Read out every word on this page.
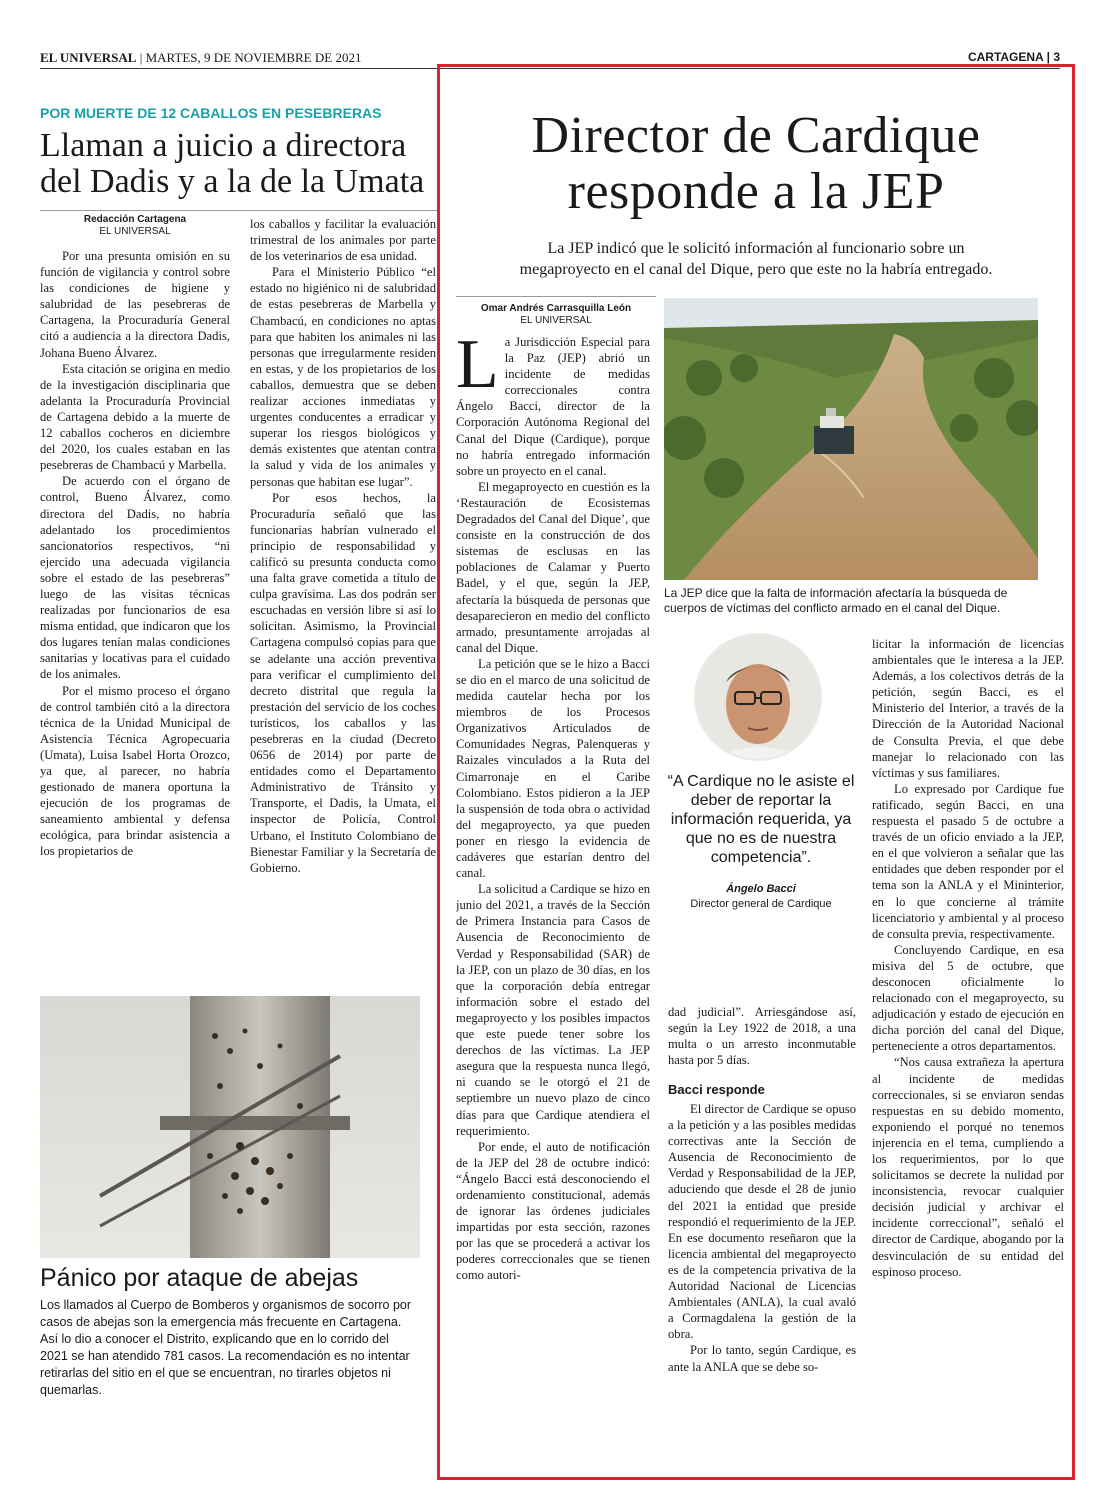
EL UNIVERSAL | MARTES, 9 DE NOVIEMBRE DE 2021	CARTAGENA | 3
POR MUERTE DE 12 CABALLOS EN PESEBRERAS
Llaman a juicio a directora
del Dadis y a la de la Umata
Redacción Cartagena
EL UNIVERSAL

Por una presunta omisión en su función de vigilancia y control sobre las condiciones de higiene y salubridad de las pesebreras de Cartagena, la Procuraduría General citó a audiencia a la directora Dadis, Johana Bueno Álvarez.

Esta citación se origina en medio de la investigación disciplinaria que adelanta la Procuraduría Provincial de Cartagena debido a la muerte de 12 caballos cocheros en diciembre del 2020, los cuales estaban en las pesebreras de Chambacú y Marbella.

De acuerdo con el órgano de control, Bueno Álvarez, como directora del Dadis, no habría adelantado los procedimientos sancionatorios respectivos, “ni ejercido una adecuada vigilancia sobre el estado de las pesebreras” luego de las visitas técnicas realizadas por funcionarios de esa misma entidad, que indicaron que los dos lugares tenían malas condiciones sanitarias y locativas para el cuidado de los animales.

Por el mismo proceso el órgano de control también citó a la directora técnica de la Unidad Municipal de Asistencia Técnica Agropecuaria (Umata), Luisa Isabel Horta Orozco, ya que, al parecer, no habría gestionado de manera oportuna la ejecución de los programas de saneamiento ambiental y defensa ecológica, para brindar asistencia a los propietarios de

los caballos y facilitar la evaluación trimestral de los animales por parte de los veterinarios de esa unidad.

Para el Ministerio Público “el estado no higiénico ni de salubridad de estas pesebreras de Marbella y Chambacú, en condiciones no aptas para que habiten los animales ni las personas que irregularmente residen en estas, y de los propietarios de los caballos, demuestra que se deben realizar acciones inmediatas y urgentes conducentes a erradicar y superar los riesgos biológicos y demás existentes que atentan contra la salud y vida de los animales y personas que habitan ese lugar”.

Por esos hechos, la Procuraduría señaló que las funcionarias habrían vulnerado el principio de responsabilidad y calificó su presunta conducta como una falta grave cometida a título de culpa gravísima. Las dos podrán ser escuchadas en versión libre si así lo solicitan. Asimismo, la Provincial Cartagena compulsó copias para que se adelante una acción preventiva para verificar el cumplimiento del decreto distrital que regula la prestación del servicio de los coches turísticos, los caballos y las pesebreras en la ciudad (Decreto 0656 de 2014) por parte de entidades como el Departamento Administrativo de Tránsito y Transporte, el Dadis, la Umata, el inspector de Policía, Control Urbano, el Instituto Colombiano de Bienestar Familiar y la Secretaría de Gobierno.

Pánico por ataque de abejas
Los llamados al Cuerpo de Bomberos y organismos de socorro por casos de abejas son la emergencia más frecuente en Cartagena. Así lo dio a conocer el Distrito, explicando que en lo corrido del 2021 se han atendido 781 casos. La recomendación es no intentar retirarlas del sitio en el que se encuentran, no tirarles objetos ni quemarlas.
Director de Cardique
responde a la JEP
La JEP indicó que le solicitó información al funcionario sobre un
megaproyecto en el canal del Dique, pero que este no la habría entregado.
Omar Andrés Carrasquilla León
EL UNIVERSAL
La JEP dice que la falta de información afectaría la búsqueda de
cuerpos de víctimas del conflicto armado en el canal del Dique.
L a Jurisdicción Especial para la Paz (JEP) abrió un incidente de medidas correccionales contra Ángelo Bacci, director de la Corporación Autónoma Regional del Canal del Dique (Cardique), porque no habría entregado información sobre un proyecto en el canal.

El megaproyecto en cuestión es la ‘Restauración de Ecosistemas Degradados del Canal del Dique’, que consiste en la construcción de dos sistemas de esclusas en las poblaciones de Calamar y Puerto Badel, y el que, según la JEP, afectaría la búsqueda de personas que desaparecieron en medio del conflicto armado, presuntamente arrojadas al canal del Dique.

La petición que se le hizo a Bacci se dio en el marco de una solicitud de medida cautelar hecha por los miembros de los Procesos Organizativos Articulados de Comunidades Negras, Palenqueras y Raizales vinculados a la Ruta del Cimarronaje en el Caribe Colombiano. Estos pidieron a la JEP la suspensión de toda obra o actividad del megaproyecto, ya que pueden poner en riesgo la evidencia de cadáveres que estarían dentro del canal.

La solicitud a Cardique se hizo en junio del 2021, a través de la Sección de Primera Instancia para Casos de Ausencia de Reconocimiento de Verdad y Responsabilidad (SAR) de la JEP, con un plazo de 30 días, en los que la corporación debía entregar información sobre el estado del megaproyecto y los posibles impactos que este puede tener sobre los derechos de las víctimas. La JEP asegura que la respuesta nunca llegó, ni cuando se le otorgó el 21 de septiembre un nuevo plazo de cinco días para que Cardique atendiera el requerimiento.

Por ende, el auto de notificación de la JEP del 28 de octubre indicó: “Ángelo Bacci está desconociendo el ordenamiento constitucional, además de ignorar las órdenes judiciales impartidas por esta sección, razones por las que se procederá a activar los poderes correccionales que se tienen como autori-

“A Cardique no le asiste el deber de reportar la información requerida, ya que no es de nuestra competencia”.
Ángelo Bacci
Director general de Cardique

dad judicial”. Arriesgándose así, según la Ley 1922 de 2018, a una multa o un arresto inconmutable hasta por 5 días.

Bacci responde

El director de Cardique se opuso a la petición y a las posibles medidas correctivas ante la Sección de Ausencia de Reconocimiento de Verdad y Responsabilidad de la JEP, aduciendo que desde el 28 de junio del 2021 la entidad que preside respondió el requerimiento de la JEP. En ese documento reseñaron que la licencia ambiental del megaproyecto es de la competencia privativa de la Autoridad Nacional de Licencias Ambientales (ANLA), la cual avaló a Cormagdalena la gestión de la obra.

Por lo tanto, según Cardique, es ante la ANLA que se debe so-

licitar la información de licencias ambientales que le interesa a la JEP. Además, a los colectivos detrás de la petición, según Bacci, es el Ministerio del Interior, a través de la Dirección de la Autoridad Nacional de Consulta Previa, el que debe manejar lo relacionado con las víctimas y sus familiares.

Lo expresado por Cardique fue ratificado, según Bacci, en una respuesta el pasado 5 de octubre a través de un oficio enviado a la JEP, en el que volvieron a señalar que las entidades que deben responder por el tema son la ANLA y el Mininterior, en lo que concierne al trámite licenciatorio y ambiental y al proceso de consulta previa, respectivamente.

Concluyendo Cardique, en esa misiva del 5 de octubre, que desconocen oficialmente lo relacionado con el megaproyecto, su adjudicación y estado de ejecución en dicha porción del canal del Dique, perteneciente a otros departamentos.

“Nos causa extrañeza la apertura al incidente de medidas correccionales, si se enviaron sendas respuestas en su debido momento, exponiendo el porqué no tenemos injerencia en el tema, cumpliendo a los requerimientos, por lo que solicitamos se decrete la nulidad por inconsistencia, revocar cualquier decisión judicial y archivar el incidente correccional”, señaló el director de Cardique, abogando por la desvinculación de su entidad del espinoso proceso.
